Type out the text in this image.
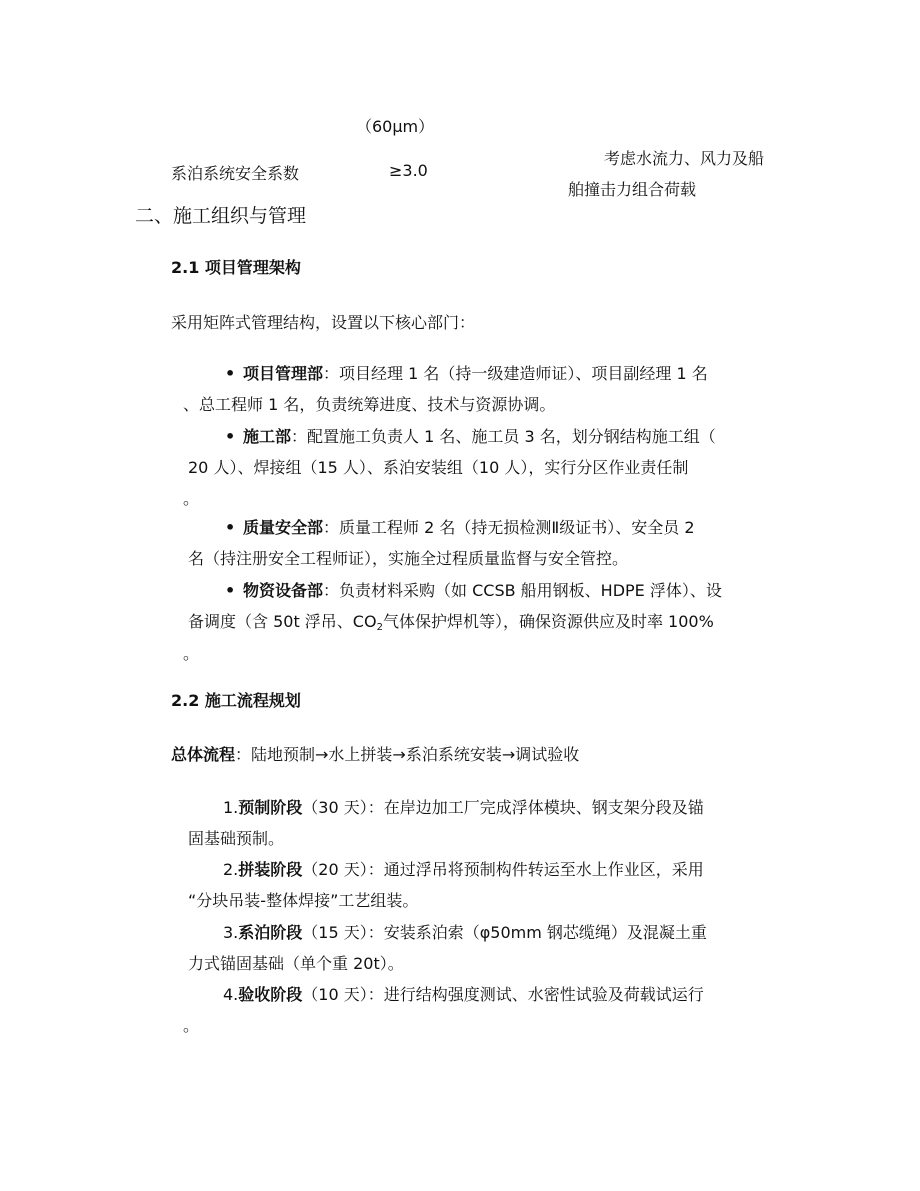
（60μm）
系泊系统安全系数	≥3.0
考虑水流力、风力及船
舶撞击力组合荷载
二、施工组织与管理
2.1 项目管理架构
采用矩阵式管理结构，设置以下核心部门：
• 项目管理部：项目经理 1 名（持一级建造师证）、项目副经理 1 名
、总工程师 1 名，负责统筹进度、技术与资源协调。
• 施工部：配置施工负责人 1 名、施工员 3 名，划分钢结构施工组（
20 人）、焊接组（15 人）、系泊安装组（10 人），实行分区作业责任制
。
• 质量安全部：质量工程师 2 名（持无损检测Ⅱ级证书）、安全员 2
名（持注册安全工程师证），实施全过程质量监督与安全管控。
• 物资设备部：负责材料采购（如 CCSB 船用钢板、HDPE 浮体）、设
备调度（含 50t 浮吊、$CO_2$气体保护焊机等），确保资源供应及时率 100%
。
2.2 施工流程规划
总体流程：陆地预制→水上拼装→系泊系统安装→调试验收
1.预制阶段（30 天）：在岸边加工厂完成浮体模块、钢支架分段及锚
固基础预制。
2.拼装阶段（20 天）：通过浮吊将预制构件转运至水上作业区，采用
“分块吊装-整体焊接”工艺组装。
3.系泊阶段（15 天）：安装系泊索（φ50mm 钢芯缆绳）及混凝土重
力式锚固基础（单个重 20t）。
4.验收阶段（10 天）：进行结构强度测试、水密性试验及荷载试运行
。
